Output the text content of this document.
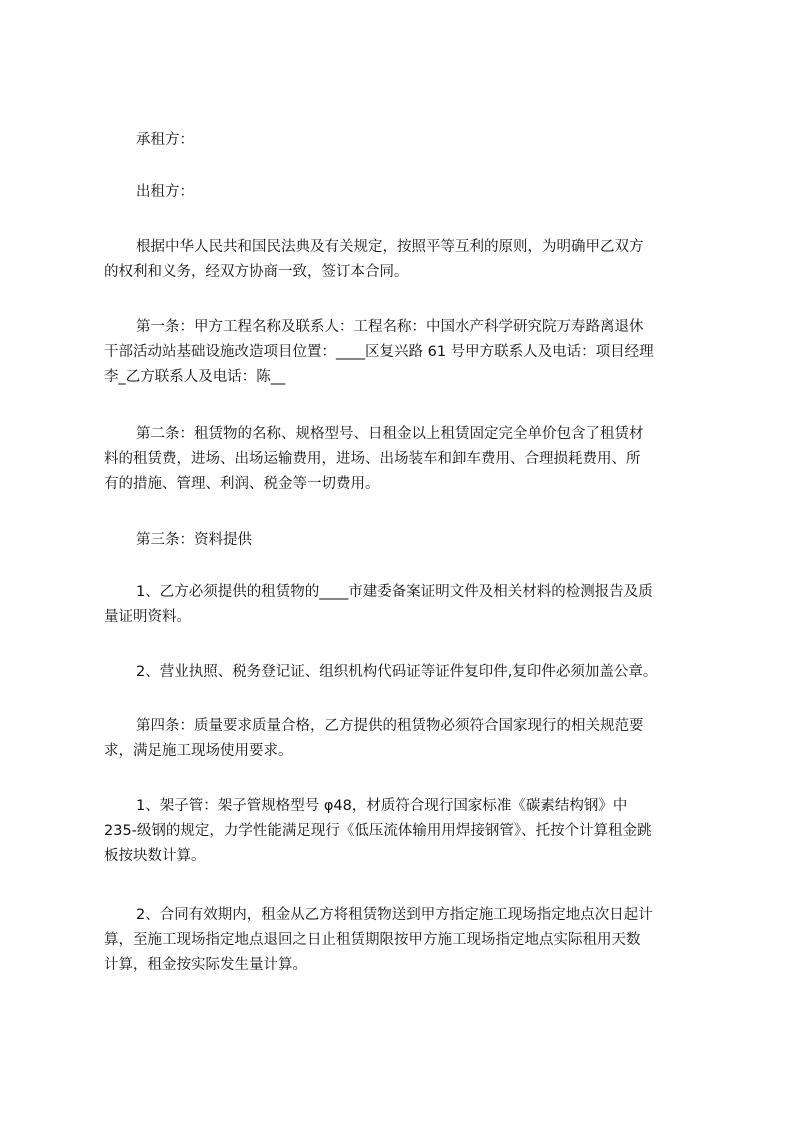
承租方：
出租方：
根据中华人民共和国民法典及有关规定，按照平等互利的原则，为明确甲乙双方
的权利和义务，经双方协商一致，签订本合同。
第一条：甲方工程名称及联系人：工程名称：中国水产科学研究院万寿路离退休
干部活动站基础设施改造项目位置：____区复兴路 61 号甲方联系人及电话：项目经理
李_乙方联系人及电话：陈__
第二条：租赁物的名称、规格型号、日租金以上租赁固定完全单价包含了租赁材
料的租赁费，进场、出场运输费用，进场、出场装车和卸车费用、合理损耗费用、所
有的措施、管理、利润、税金等一切费用。
第三条：资料提供
1、乙方必须提供的租赁物的____市建委备案证明文件及相关材料的检测报告及质
量证明资料。
2、营业执照、税务登记证、组织机构代码证等证件复印件,复印件必须加盖公章。
第四条：质量要求质量合格，乙方提供的租赁物必须符合国家现行的相关规范要
求，满足施工现场使用要求。
1、架子管：架子管规格型号 φ48，材质符合现行国家标准《碳素结构钢》中
235-级钢的规定，力学性能满足现行《低压流体输用用焊接钢管》、托按个计算租金跳
板按块数计算。
2、合同有效期内，租金从乙方将租赁物送到甲方指定施工现场指定地点次日起计
算，至施工现场指定地点退回之日止租赁期限按甲方施工现场指定地点实际租用天数
计算，租金按实际发生量计算。
